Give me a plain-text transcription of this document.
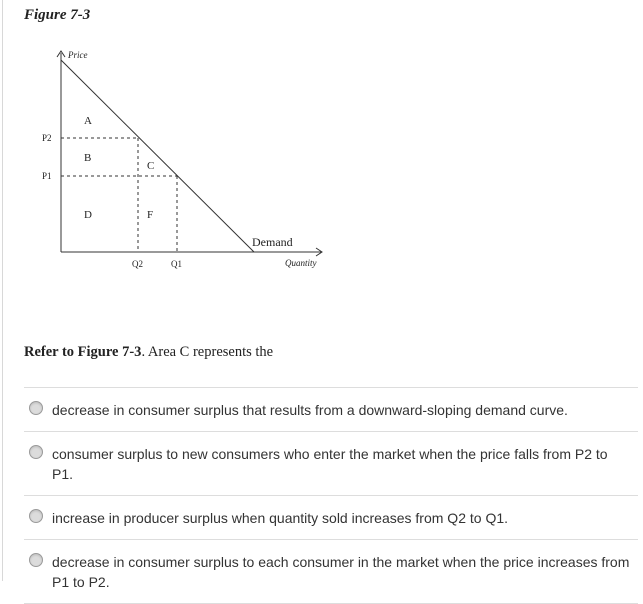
Figure 7-3
Price
Quantity
P2
P1
Q2	Q1
A
B
C
D	F
Demand
Refer to Figure 7-3. Area C represents the
decrease in consumer surplus that results from a downward-sloping demand curve.
consumer surplus to new consumers who enter the market when the price falls from P2 to P1.
increase in producer surplus when quantity sold increases from Q2 to Q1.
decrease in consumer surplus to each consumer in the market when the price increases from P1 to P2.
